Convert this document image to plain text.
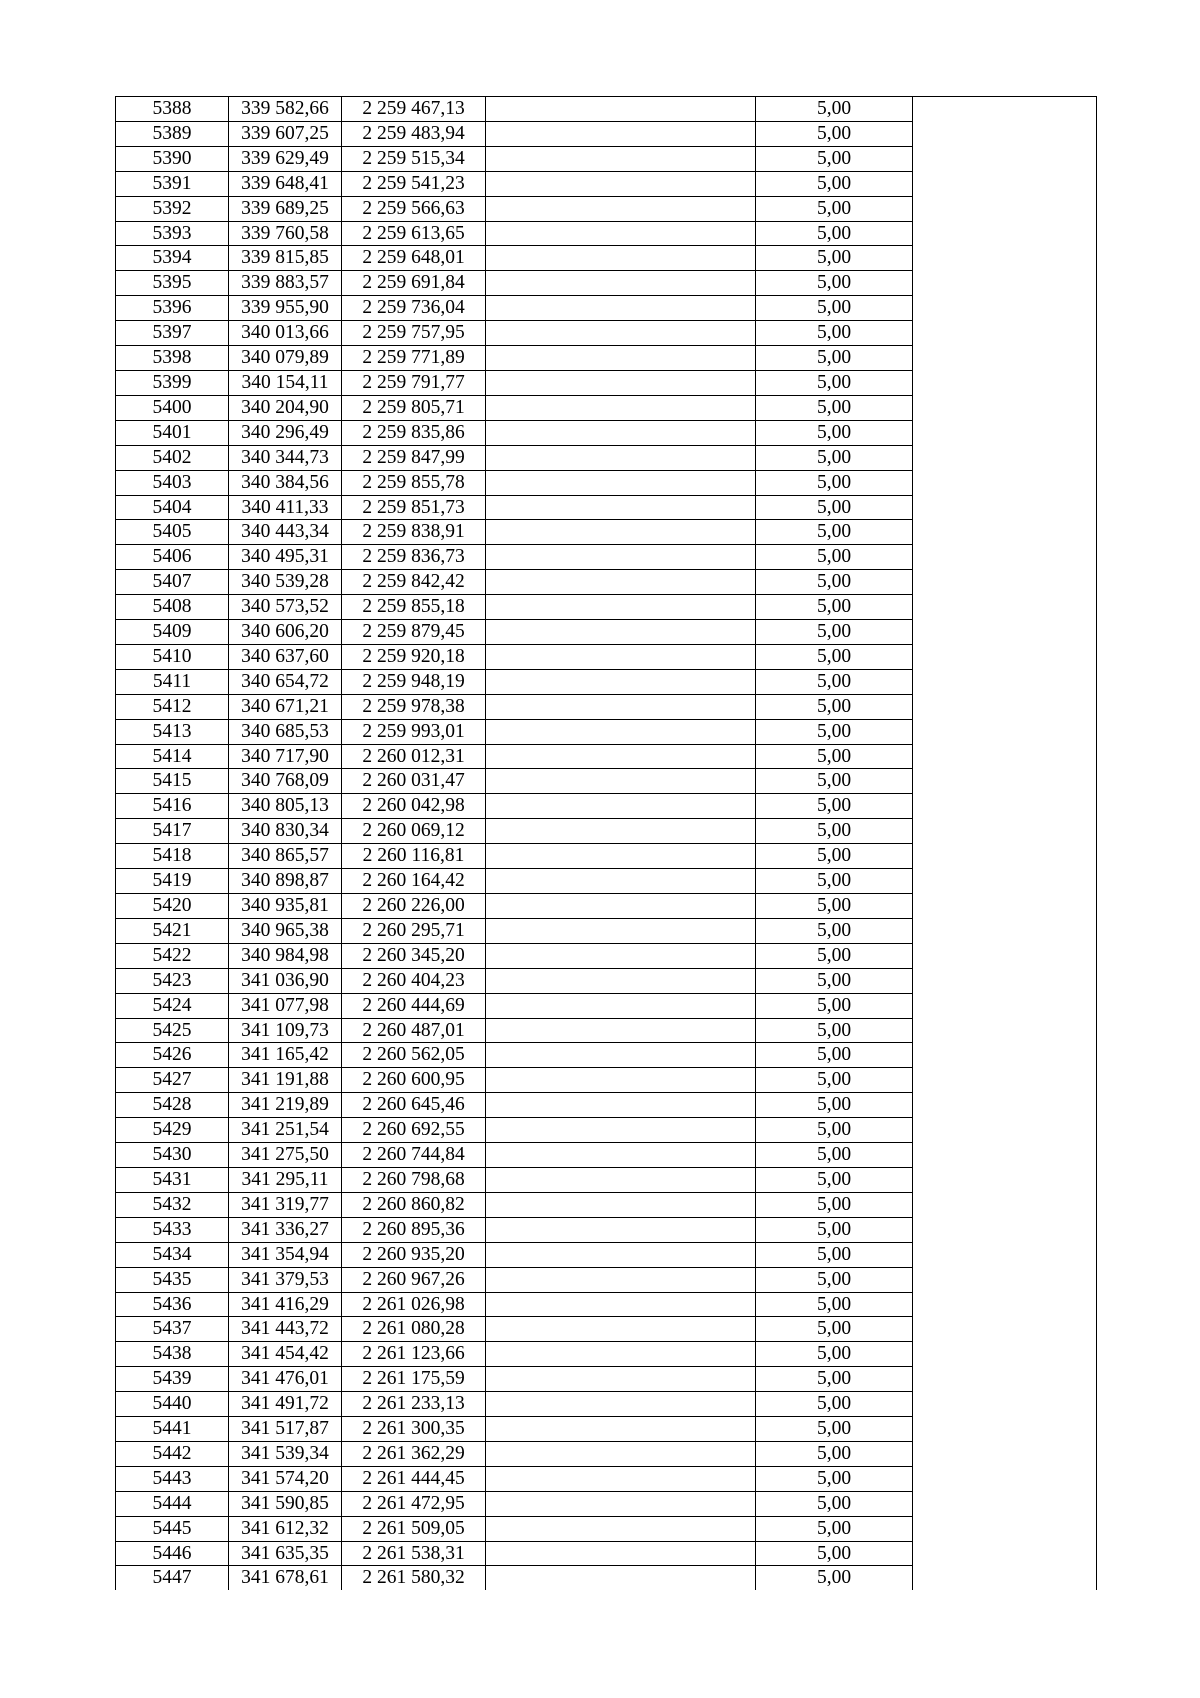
5388	339 582,66	2 259 467,13		5,00	
5389	339 607,25	2 259 483,94		5,00	
5390	339 629,49	2 259 515,34		5,00	
5391	339 648,41	2 259 541,23		5,00	
5392	339 689,25	2 259 566,63		5,00	
5393	339 760,58	2 259 613,65		5,00	
5394	339 815,85	2 259 648,01		5,00	
5395	339 883,57	2 259 691,84		5,00	
5396	339 955,90	2 259 736,04		5,00	
5397	340 013,66	2 259 757,95		5,00	
5398	340 079,89	2 259 771,89		5,00	
5399	340 154,11	2 259 791,77		5,00	
5400	340 204,90	2 259 805,71		5,00	
5401	340 296,49	2 259 835,86		5,00	
5402	340 344,73	2 259 847,99		5,00	
5403	340 384,56	2 259 855,78		5,00	
5404	340 411,33	2 259 851,73		5,00	
5405	340 443,34	2 259 838,91		5,00	
5406	340 495,31	2 259 836,73		5,00	
5407	340 539,28	2 259 842,42		5,00	
5408	340 573,52	2 259 855,18		5,00	
5409	340 606,20	2 259 879,45		5,00	
5410	340 637,60	2 259 920,18		5,00	
5411	340 654,72	2 259 948,19		5,00	
5412	340 671,21	2 259 978,38		5,00	
5413	340 685,53	2 259 993,01		5,00	
5414	340 717,90	2 260 012,31		5,00	
5415	340 768,09	2 260 031,47		5,00	
5416	340 805,13	2 260 042,98		5,00	
5417	340 830,34	2 260 069,12		5,00	
5418	340 865,57	2 260 116,81		5,00	
5419	340 898,87	2 260 164,42		5,00	
5420	340 935,81	2 260 226,00		5,00	
5421	340 965,38	2 260 295,71		5,00	
5422	340 984,98	2 260 345,20		5,00	
5423	341 036,90	2 260 404,23		5,00	
5424	341 077,98	2 260 444,69		5,00	
5425	341 109,73	2 260 487,01		5,00	
5426	341 165,42	2 260 562,05		5,00	
5427	341 191,88	2 260 600,95		5,00	
5428	341 219,89	2 260 645,46		5,00	
5429	341 251,54	2 260 692,55		5,00	
5430	341 275,50	2 260 744,84		5,00	
5431	341 295,11	2 260 798,68		5,00	
5432	341 319,77	2 260 860,82		5,00	
5433	341 336,27	2 260 895,36		5,00	
5434	341 354,94	2 260 935,20		5,00	
5435	341 379,53	2 260 967,26		5,00	
5436	341 416,29	2 261 026,98		5,00	
5437	341 443,72	2 261 080,28		5,00	
5438	341 454,42	2 261 123,66		5,00	
5439	341 476,01	2 261 175,59		5,00	
5440	341 491,72	2 261 233,13		5,00	
5441	341 517,87	2 261 300,35		5,00	
5442	341 539,34	2 261 362,29		5,00	
5443	341 574,20	2 261 444,45		5,00	
5444	341 590,85	2 261 472,95		5,00	
5445	341 612,32	2 261 509,05		5,00	
5446	341 635,35	2 261 538,31		5,00	
5447	341 678,61	2 261 580,32		5,00	
